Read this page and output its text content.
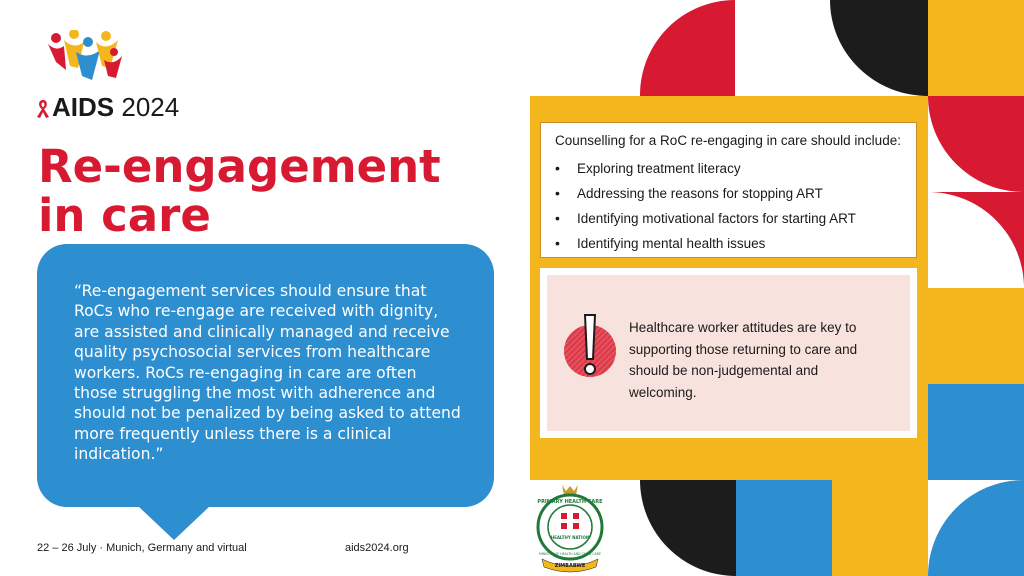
AIDS 2024
Re-engagement
in care
“Re-engagement services should ensure that RoCs who re-engage are received with dignity, are assisted and clinically managed and receive quality psychosocial services from healthcare workers. RoCs re-engaging in care are often those struggling the most with adherence and should not be penalized by being asked to attend more frequently unless there is a clinical indication.”
Counselling for a RoC re-engaging in care should include:
• Exploring treatment literacy
• Addressing the reasons for stopping ART
• Identifying motivational factors for starting ART
• Identifying mental health issues
Healthcare worker attitudes are key to supporting those returning to care and should be non-judgemental and welcoming.
PRIMARY HEALTH CARE
MINISTRY OF HEALTH AND CHILD CARE
HEALTHY NATION
ZIMBABWE
22 – 26 July · Munich, Germany and virtual	aids2024.org
